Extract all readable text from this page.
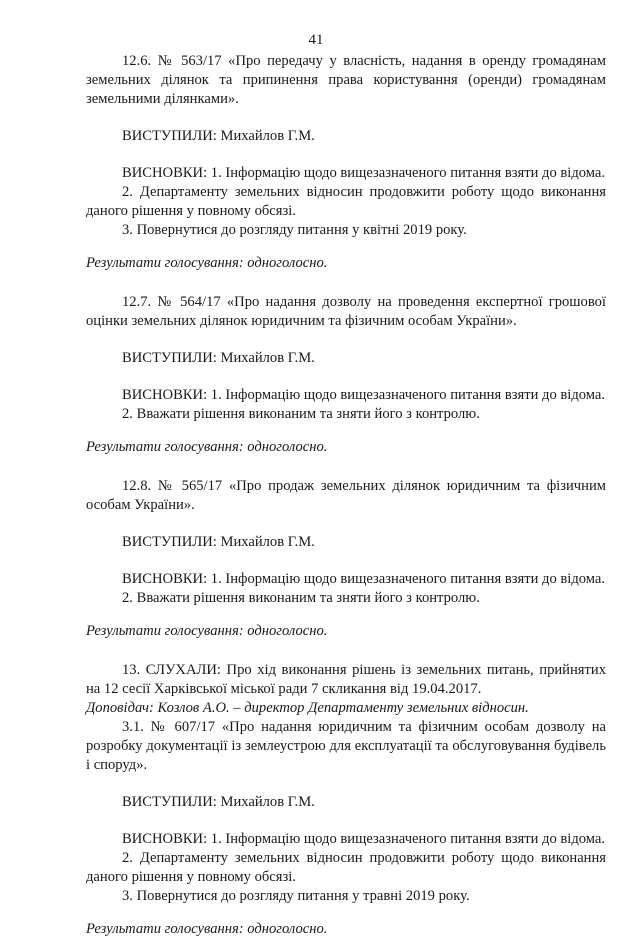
41

12.6. № 563/17 «Про передачу у власність, надання в оренду громадянам земельних ділянок та припинення права користування (оренди) громадянам земельними ділянками».

ВИСТУПИЛИ: Михайлов Г.М.

ВИСНОВКИ: 1. Інформацію щодо вищезазначеного питання взяти до відома.

2. Департаменту земельних відносин продовжити роботу щодо виконання даного рішення у повному обсязі.

3. Повернутися до розгляду питання у квітні 2019 року.

Результати голосування: одноголосно.

12.7. № 564/17 «Про надання дозволу на проведення експертної грошової оцінки земельних ділянок юридичним та фізичним особам України».

ВИСТУПИЛИ: Михайлов Г.М.

ВИСНОВКИ: 1. Інформацію щодо вищезазначеного питання взяти до відома.

2. Вважати рішення виконаним та зняти його з контролю.

Результати голосування: одноголосно.

12.8. № 565/17 «Про продаж земельних ділянок юридичним та фізичним особам України».

ВИСТУПИЛИ: Михайлов Г.М.

ВИСНОВКИ: 1. Інформацію щодо вищезазначеного питання взяти до відома.

2. Вважати рішення виконаним та зняти його з контролю.

Результати голосування: одноголосно.

13. СЛУХАЛИ: Про хід виконання рішень із земельних питань, прийнятих на 12 сесії Харківської міської ради 7 скликання від 19.04.2017.

Доповідач: Козлов А.О. – директор Департаменту земельних відносин.

3.1. № 607/17 «Про надання юридичним та фізичним особам дозволу на розробку документації із землеустрою для експлуатації та обслуговування будівель і споруд».

ВИСТУПИЛИ: Михайлов Г.М.

ВИСНОВКИ: 1. Інформацію щодо вищезазначеного питання взяти до відома.

2. Департаменту земельних відносин продовжити роботу щодо виконання даного рішення у повному обсязі.

3. Повернутися до розгляду питання у травні 2019 року.

Результати голосування: одноголосно.
